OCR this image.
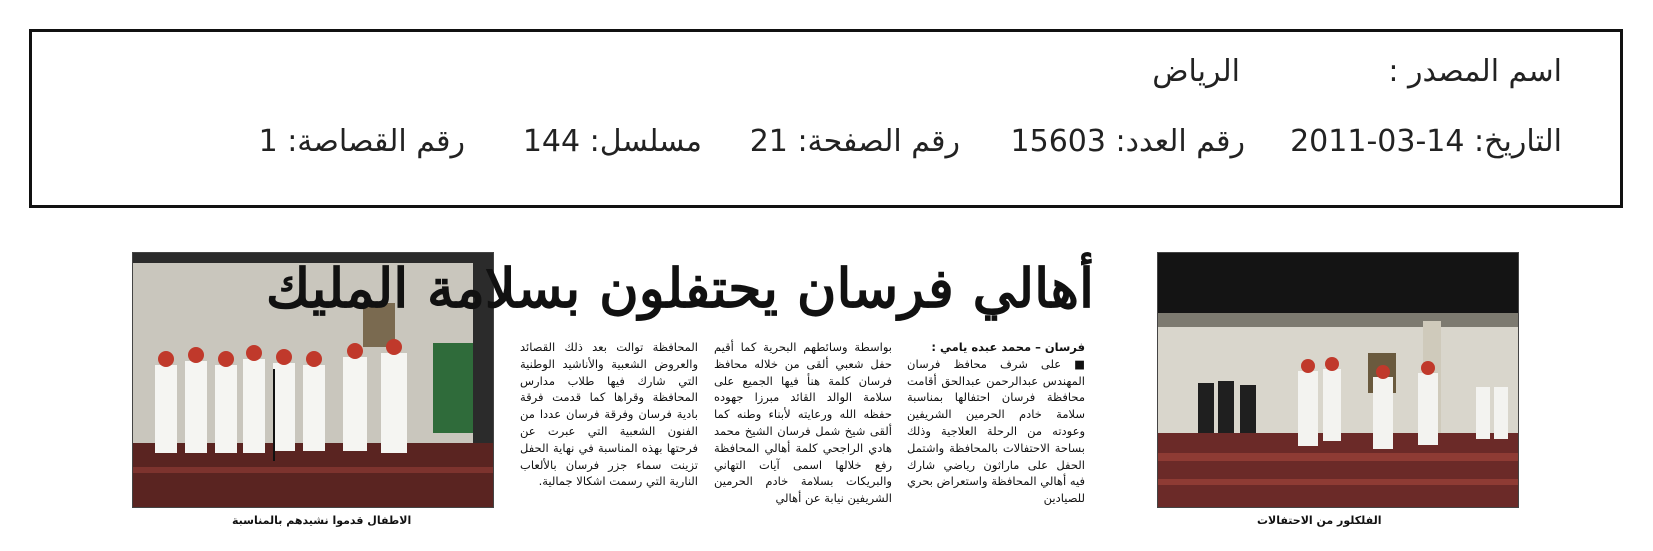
اسم المصدر :
الرياض
التاريخ: 14-03-2011
رقم العدد: 15603
رقم الصفحة: 21
مسلسل: 144
رقم القصاصة: 1
الفلكلور من الاحتفالات
الاطفال قدموا نشيدهم بالمناسبة
أهالي فرسان يحتفلون بسلامة المليك

فرسان – محمد عبده يامي :

■ على شرف محافظ فرسان المهندس عبدالرحمن عبدالحق أقامت محافظة فرسان احتفالها بمناسبة سلامة خادم الحرمين الشريفين وعودته من الرحلة العلاجية وذلك بساحة الاحتفالات بالمحافظة واشتمل الحفل على ماراثون رياضي شارك فيه أهالي المحافظة واستعراض بحري للصيادين

بواسطة وسائطهم البحرية كما أقيم حفل شعبي ألقى من خلاله محافظ فرسان كلمة هنأ فيها الجميع على سلامة الوالد القائد مبرزا جهوده حفظه الله ورعايته لأبناء وطنه كما ألقى شيخ شمل فرسان الشيخ محمد هادي الراجحي كلمة أهالي المحافظة رفع خلالها اسمى آيات التهاني والبريكات بسلامة خادم الحرمين الشريفين نيابة عن أهالي

المحافظة توالت بعد ذلك القصائد والعروض الشعبية والأناشيد الوطنية التي شارك فيها طلاب مدارس المحافظة وقراها كما قدمت فرقة بادية فرسان وفرقة فرسان عددا من الفنون الشعبية التي عبرت عن فرحتها بهذه المناسبة في نهاية الحفل تزينت سماء جزر فرسان بالألعاب النارية التي رسمت اشكالا جمالية.
